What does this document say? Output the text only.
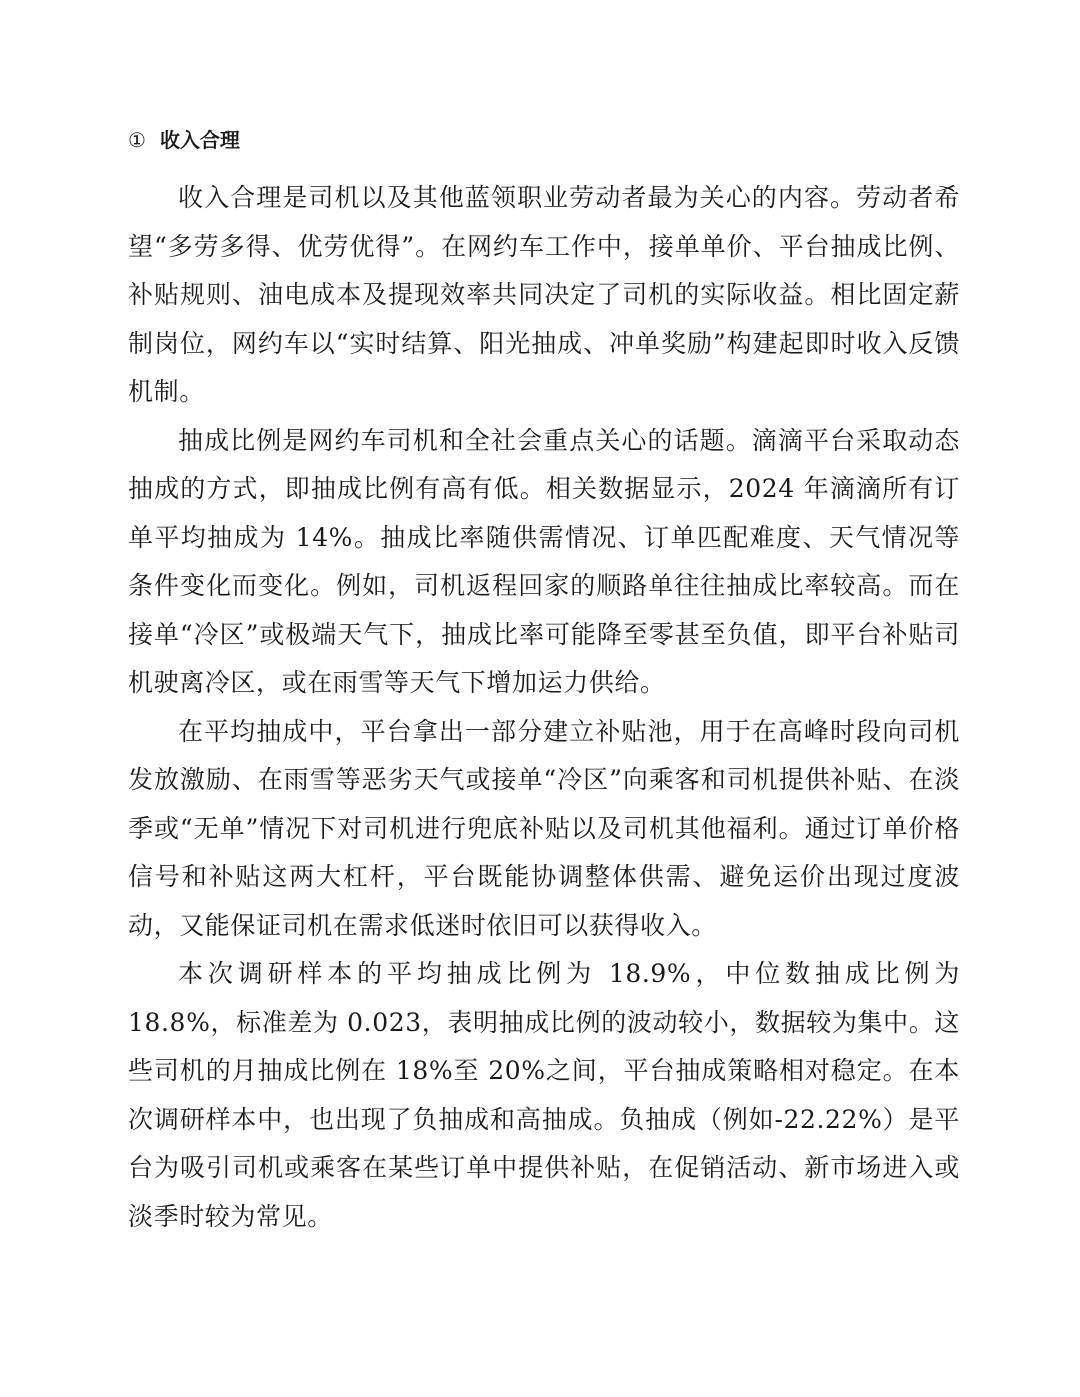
① 收入合理

收入合理是司机以及其他蓝领职业劳动者最为关心的内容。劳动者希望“多劳多得、优劳优得”。在网约车工作中，接单单价、平台抽成比例、补贴规则、油电成本及提现效率共同决定了司机的实际收益。相比固定薪制岗位，网约车以“实时结算、阳光抽成、冲单奖励”构建起即时收入反馈机制。

抽成比例是网约车司机和全社会重点关心的话题。滴滴平台采取动态抽成的方式，即抽成比例有高有低。相关数据显示，2024 年滴滴所有订单平均抽成为 14%。抽成比率随供需情况、订单匹配难度、天气情况等条件变化而变化。例如，司机返程回家的顺路单往往抽成比率较高。而在接单“冷区”或极端天气下，抽成比率可能降至零甚至负值，即平台补贴司机驶离冷区，或在雨雪等天气下增加运力供给。

在平均抽成中，平台拿出一部分建立补贴池，用于在高峰时段向司机发放激励、在雨雪等恶劣天气或接单“冷区”向乘客和司机提供补贴、在淡季或“无单”情况下对司机进行兜底补贴以及司机其他福利。通过订单价格信号和补贴这两大杠杆，平台既能协调整体供需、避免运价出现过度波动，又能保证司机在需求低迷时依旧可以获得收入。

本次调研样本的平均抽成比例为 18.9%，中位数抽成比例为 18.8%，标准差为 0.023，表明抽成比例的波动较小，数据较为集中。这些司机的月抽成比例在 18%至 20%之间，平台抽成策略相对稳定。在本次调研样本中，也出现了负抽成和高抽成。负抽成（例如-22.22%）是平台为吸引司机或乘客在某些订单中提供补贴，在促销活动、新市场进入或淡季时较为常见。
